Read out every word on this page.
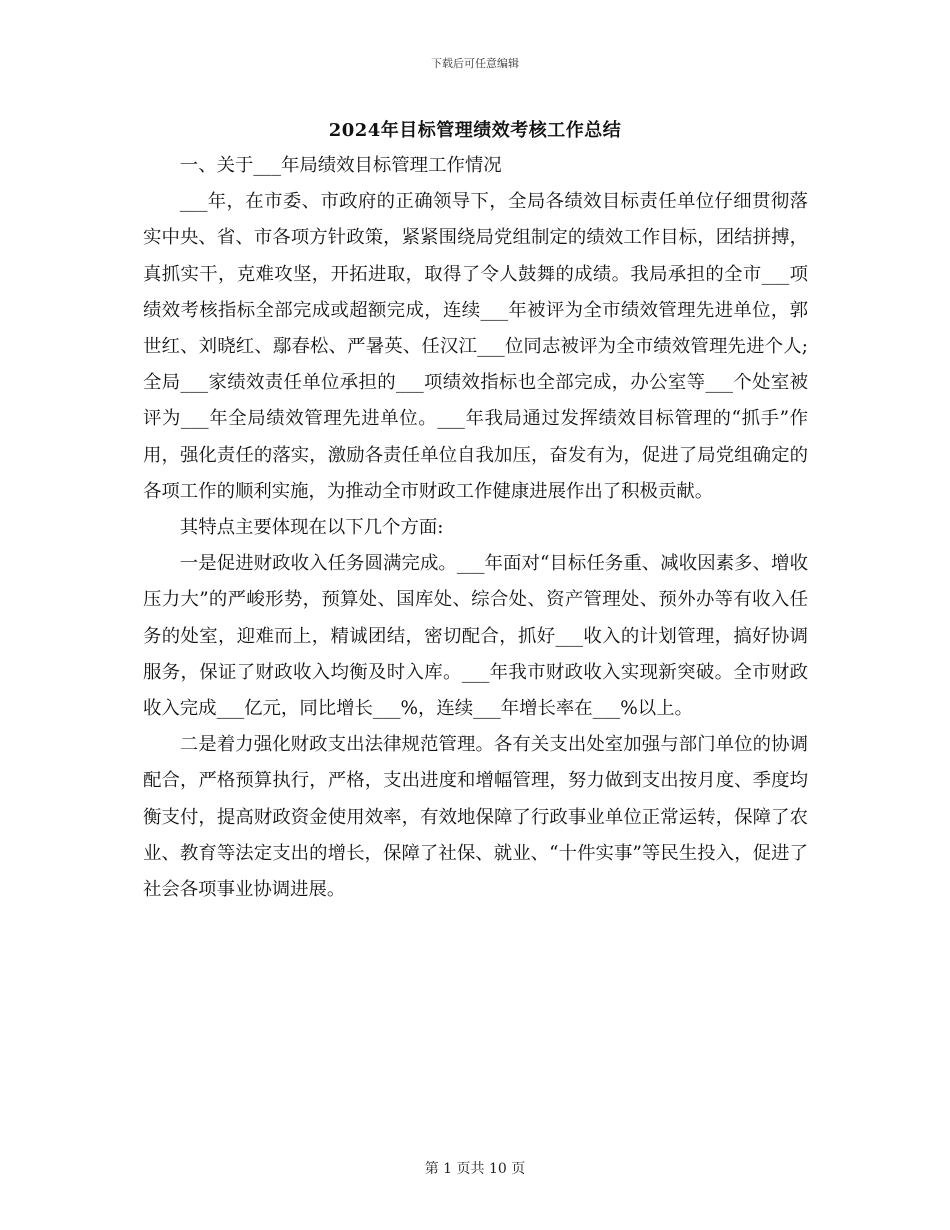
下载后可任意编辑
2024年目标管理绩效考核工作总结

一、关于___年局绩效目标管理工作情况

___年，在市委、市政府的正确领导下，全局各绩效目标责任单位仔细贯彻落实中央、省、市各项方针政策，紧紧围绕局党组制定的绩效工作目标，团结拼搏，真抓实干，克难攻坚，开拓进取，取得了令人鼓舞的成绩。我局承担的全市___项绩效考核指标全部完成或超额完成，连续___年被评为全市绩效管理先进单位，郭世红、刘晓红、鄢春松、严暑英、任汉江___位同志被评为全市绩效管理先进个人;全局___家绩效责任单位承担的___项绩效指标也全部完成，办公室等___个处室被评为___年全局绩效管理先进单位。___年我局通过发挥绩效目标管理的“抓手”作用，强化责任的落实，激励各责任单位自我加压，奋发有为，促进了局党组确定的各项工作的顺利实施，为推动全市财政工作健康进展作出了积极贡献。

其特点主要体现在以下几个方面:

一是促进财政收入任务圆满完成。___年面对“目标任务重、减收因素多、增收压力大”的严峻形势，预算处、国库处、综合处、资产管理处、预外办等有收入任务的处室，迎难而上，精诚团结，密切配合，抓好___收入的计划管理，搞好协调服务，保证了财政收入均衡及时入库。___年我市财政收入实现新突破。全市财政收入完成___亿元，同比增长___%，连续___年增长率在___%以上。

二是着力强化财政支出法律规范管理。各有关支出处室加强与部门单位的协调配合，严格预算执行，严格，支出进度和增幅管理，努力做到支出按月度、季度均衡支付，提高财政资金使用效率，有效地保障了行政事业单位正常运转，保障了农业、教育等法定支出的增长，保障了社保、就业、“十件实事”等民生投入，促进了社会各项事业协调进展。

第 1 页共 10 页
